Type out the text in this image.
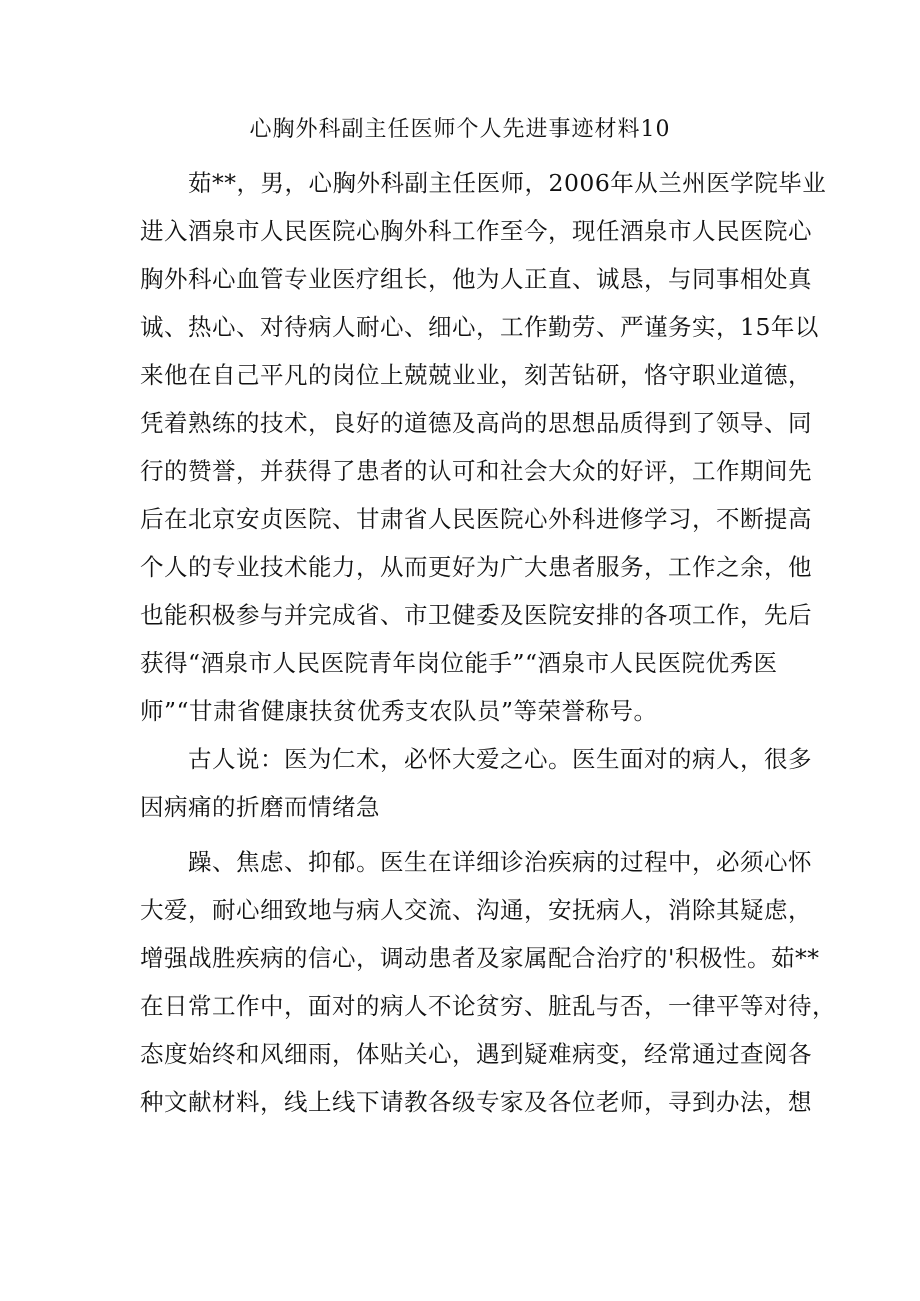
心胸外科副主任医师个人先进事迹材料10
茹**，男，心胸外科副主任医师，2006年从兰州医学院毕业
进入酒泉市人民医院心胸外科工作至今，现任酒泉市人民医院心
胸外科心血管专业医疗组长，他为人正直、诚恳，与同事相处真
诚、热心、对待病人耐心、细心，工作勤劳、严谨务实，15年以
来他在自己平凡的岗位上兢兢业业，刻苦钻研，恪守职业道德，
凭着熟练的技术，良好的道德及高尚的思想品质得到了领导、同
行的赞誉，并获得了患者的认可和社会大众的好评，工作期间先
后在北京安贞医院、甘肃省人民医院心外科进修学习，不断提高
个人的专业技术能力，从而更好为广大患者服务，工作之余，他
也能积极参与并完成省、市卫健委及医院安排的各项工作，先后
获得“酒泉市人民医院青年岗位能手”“酒泉市人民医院优秀医
师”“甘肃省健康扶贫优秀支农队员”等荣誉称号。
古人说：医为仁术，必怀大爱之心。医生面对的病人，很多
因病痛的折磨而情绪急
躁、焦虑、抑郁。医生在详细诊治疾病的过程中，必须心怀
大爱，耐心细致地与病人交流、沟通，安抚病人，消除其疑虑，
增强战胜疾病的信心，调动患者及家属配合治疗的'积极性。茹**
在日常工作中，面对的病人不论贫穷、脏乱与否，一律平等对待，
态度始终和风细雨，体贴关心，遇到疑难病变，经常通过查阅各
种文献材料，线上线下请教各级专家及各位老师，寻到办法，想
